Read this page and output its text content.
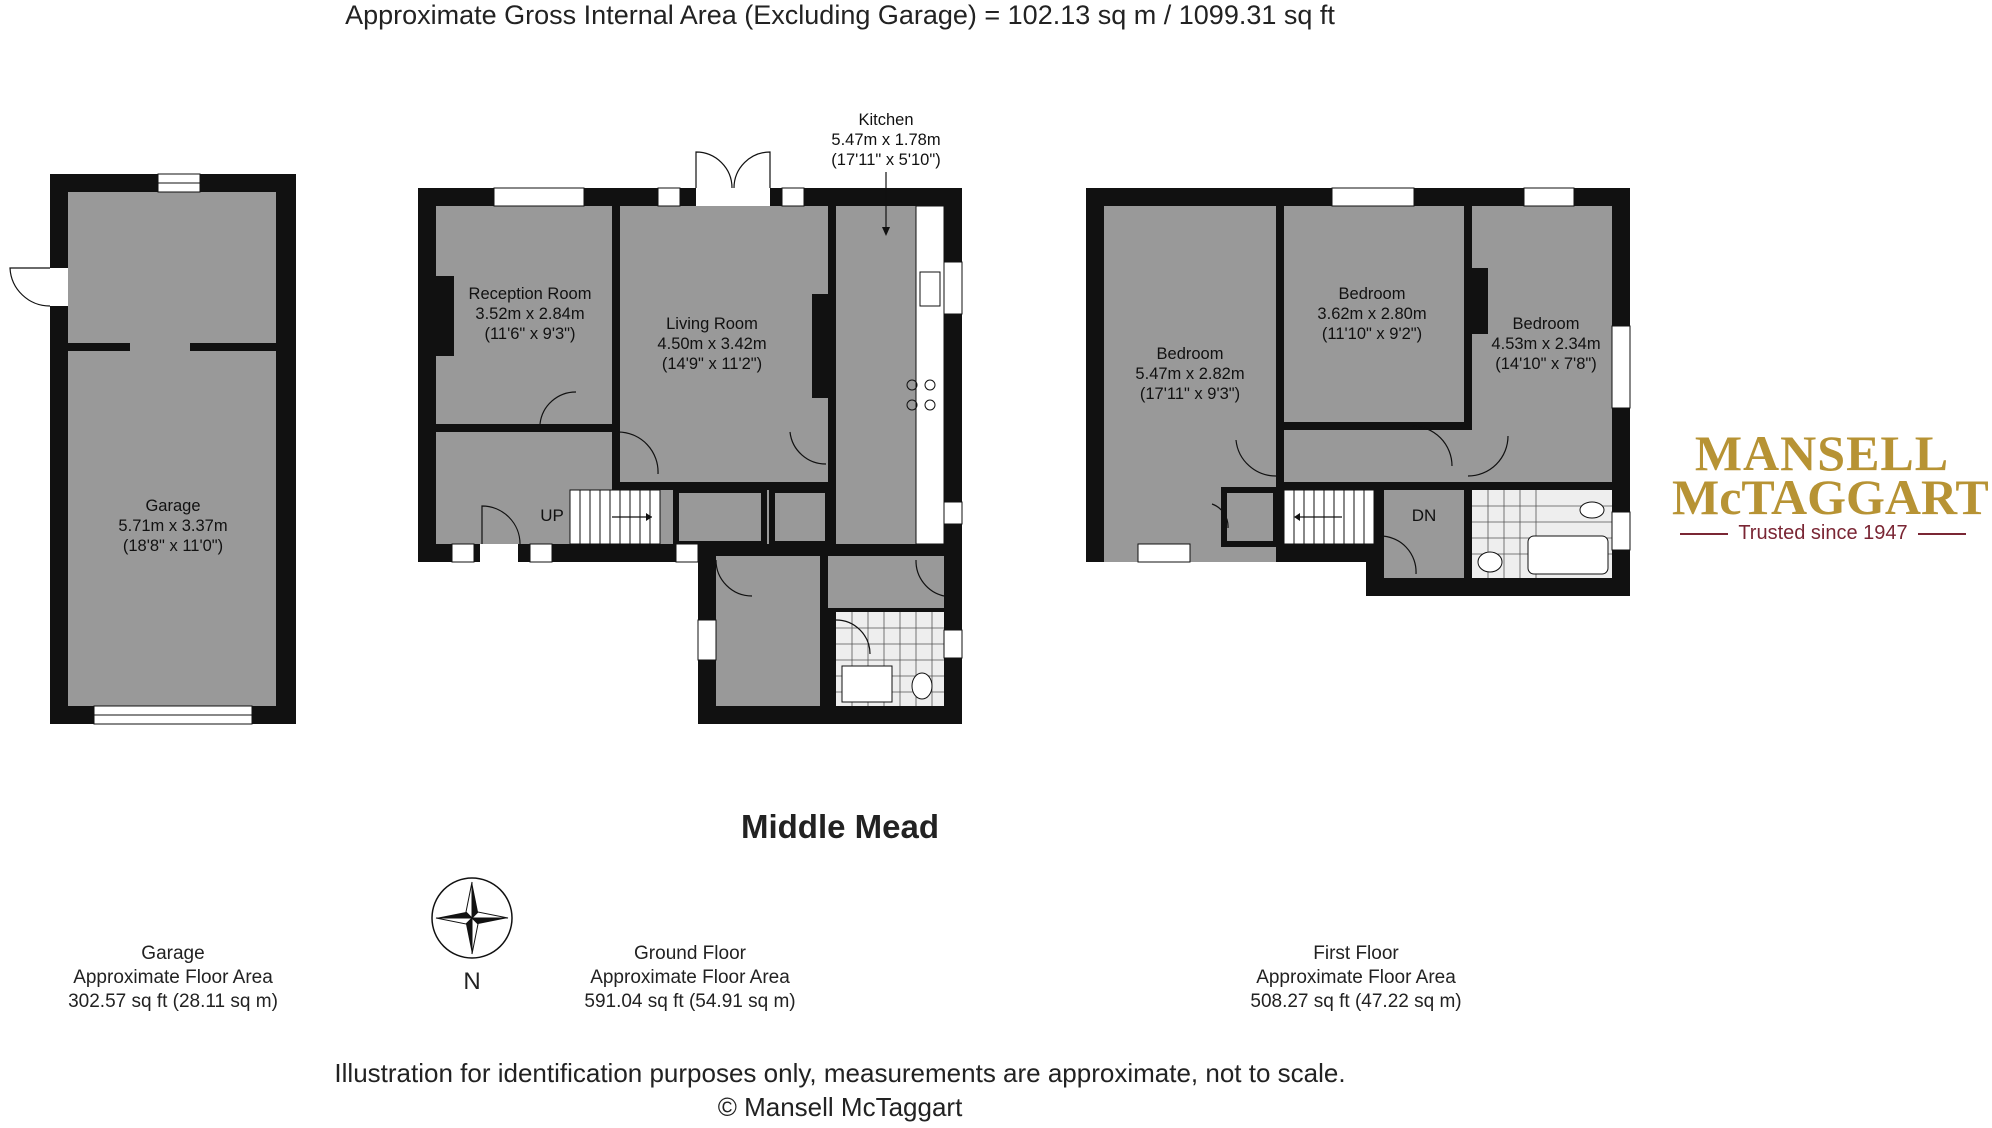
Approximate Gross Internal Area (Excluding Garage) = 102.13 sq m / 1099.31 sq ft
Kitchen
5.47m x 1.78m
(17'11" x 5'10")
Reception Room
3.52m x 2.84m
(11'6" x 9'3")
Living Room
4.50m x 3.42m
(14'9" x 11'2")
Garage
5.71m x 3.37m
(18'8" x 11'0")
Bedroom
5.47m x 2.82m
(17'11" x 9'3")
Bedroom
3.62m x 2.80m
(11'10" x 9'2")
Bedroom
4.53m x 2.34m
(14'10" x 7'8")
UP	DN
Middle Mead
N
Garage
Approximate Floor Area
302.57 sq ft (28.11 sq m)
Ground Floor
Approximate Floor Area
591.04 sq ft (54.91 sq m)
First Floor
Approximate Floor Area
508.27 sq ft (47.22 sq m)
MANSELL
McTAGGART
Trusted since 1947
Illustration for identification purposes only, measurements are approximate, not to scale.
© Mansell McTaggart
